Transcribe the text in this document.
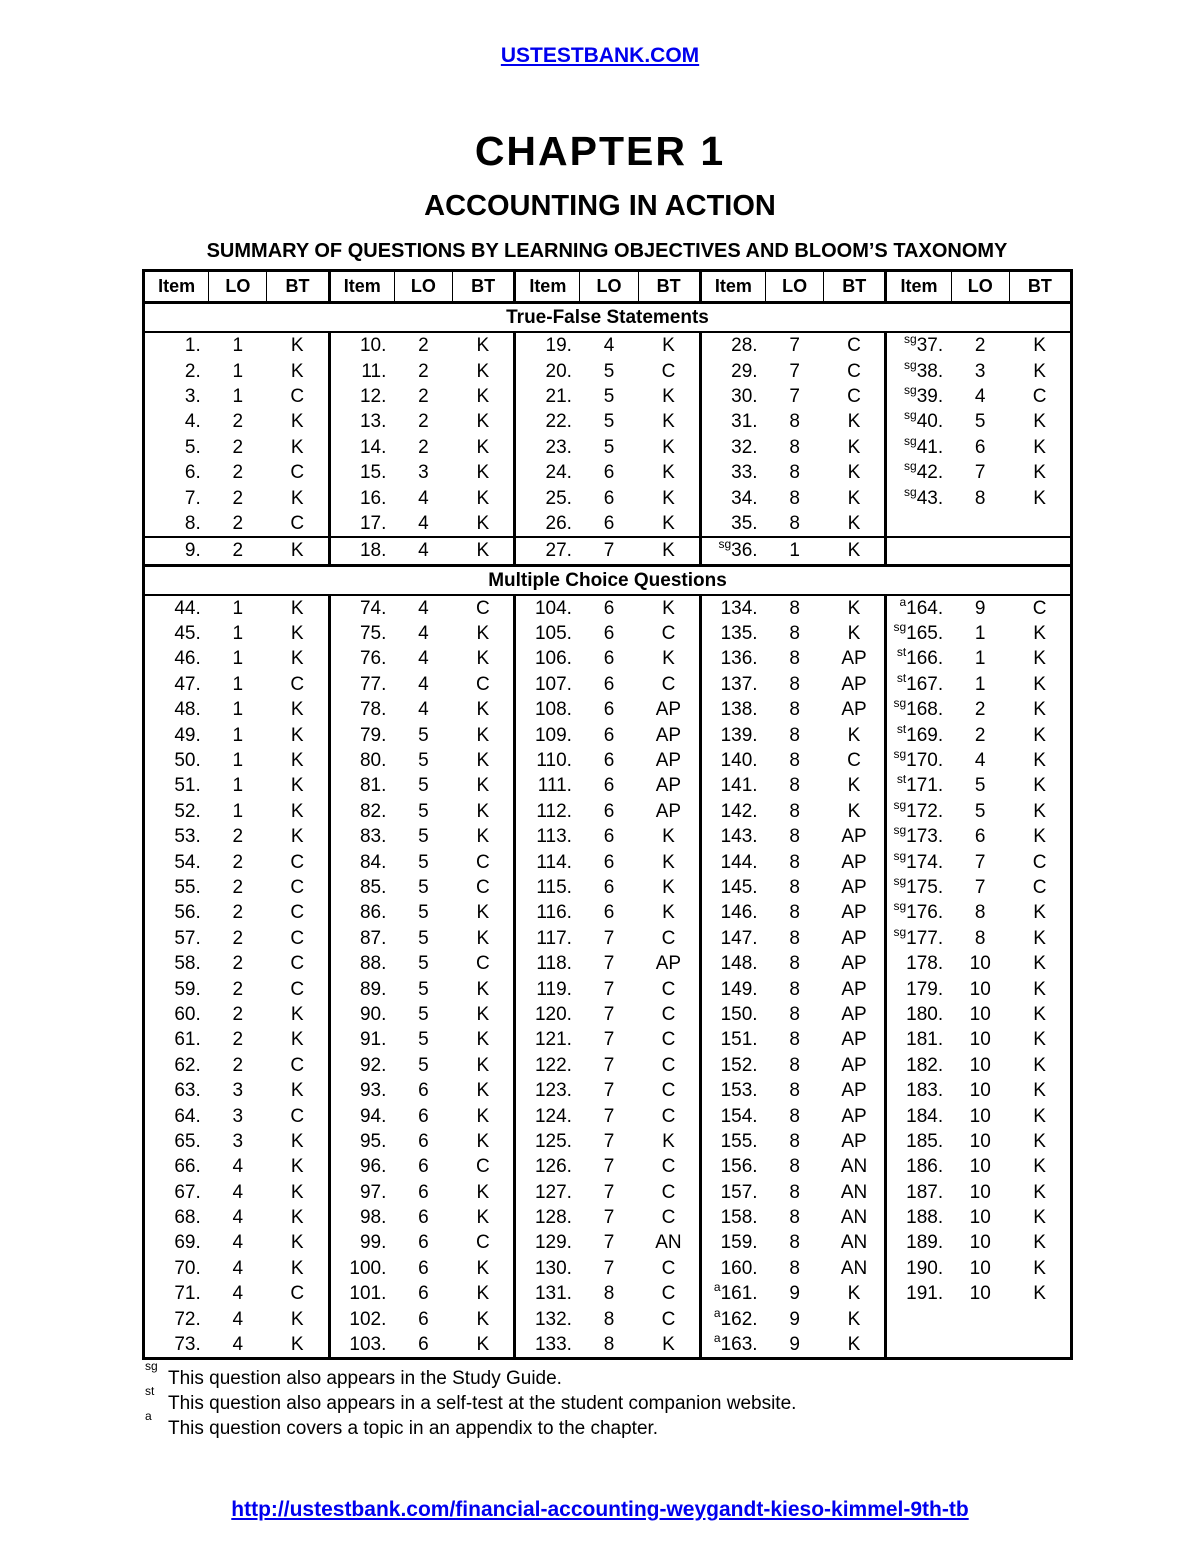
USTESTBANK.COM
CHAPTER 1
ACCOUNTING IN ACTION
SUMMARY OF QUESTIONS BY LEARNING OBJECTIVES AND BLOOM’S TAXONOMY
Item	LO	BT	Item	LO	BT	Item	LO	BT	Item	LO	BT	Item	LO	BT
True-False Statements														
1.	1	K	10.	2	K	19.	4	K	28.	7	C	$^{sg}$37.	2	K
2.	1	K	11.	2	K	20.	5	C	29.	7	C	$^{sg}$38.	3	K
3.	1	C	12.	2	K	21.	5	K	30.	7	C	$^{sg}$39.	4	C
4.	2	K	13.	2	K	22.	5	K	31.	8	K	$^{sg}$40.	5	K
5.	2	K	14.	2	K	23.	5	K	32.	8	K	$^{sg}$41.	6	K
6.	2	C	15.	3	K	24.	6	K	33.	8	K	$^{sg}$42.	7	K
7.	2	K	16.	4	K	25.	6	K	34.	8	K	$^{sg}$43.	8	K
8.	2	C	17.	4	K	26.	6	K	35.	8	K			
9.	2	K	18.	4	K	27.	7	K	$^{sg}$36.	1	K			
Multiple Choice Questions														
44.	1	K	74.	4	C	104.	6	K	134.	8	K	$^a$164.	9	C
45.	1	K	75.	4	K	105.	6	C	135.	8	K	$^{sg}$165.	1	K
46.	1	K	76.	4	K	106.	6	K	136.	8	AP	$^{st}$166.	1	K
47.	1	C	77.	4	C	107.	6	C	137.	8	AP	$^{st}$167.	1	K
48.	1	K	78.	4	K	108.	6	AP	138.	8	AP	$^{sg}$168.	2	K
49.	1	K	79.	5	K	109.	6	AP	139.	8	K	$^{st}$169.	2	K
50.	1	K	80.	5	K	110.	6	AP	140.	8	C	$^{sg}$170.	4	K
51.	1	K	81.	5	K	111.	6	AP	141.	8	K	$^{st}$171.	5	K
52.	1	K	82.	5	K	112.	6	AP	142.	8	K	$^{sg}$172.	5	K
53.	2	K	83.	5	K	113.	6	K	143.	8	AP	$^{sg}$173.	6	K
54.	2	C	84.	5	C	114.	6	K	144.	8	AP	$^{sg}$174.	7	C
55.	2	C	85.	5	C	115.	6	K	145.	8	AP	$^{sg}$175.	7	C
56.	2	C	86.	5	K	116.	6	K	146.	8	AP	$^{sg}$176.	8	K
57.	2	C	87.	5	K	117.	7	C	147.	8	AP	$^{sg}$177.	8	K
58.	2	C	88.	5	C	118.	7	AP	148.	8	AP	178.	10	K
59.	2	C	89.	5	K	119.	7	C	149.	8	AP	179.	10	K
60.	2	K	90.	5	K	120.	7	C	150.	8	AP	180.	10	K
61.	2	K	91.	5	K	121.	7	C	151.	8	AP	181.	10	K
62.	2	C	92.	5	K	122.	7	C	152.	8	AP	182.	10	K
63.	3	K	93.	6	K	123.	7	C	153.	8	AP	183.	10	K
64.	3	C	94.	6	K	124.	7	C	154.	8	AP	184.	10	K
65.	3	K	95.	6	K	125.	7	K	155.	8	AP	185.	10	K
66.	4	K	96.	6	C	126.	7	C	156.	8	AN	186.	10	K
67.	4	K	97.	6	K	127.	7	C	157.	8	AN	187.	10	K
68.	4	K	98.	6	K	128.	7	C	158.	8	AN	188.	10	K
69.	4	K	99.	6	C	129.	7	AN	159.	8	AN	189.	10	K
70.	4	K	100.	6	K	130.	7	C	160.	8	AN	190.	10	K
71.	4	C	101.	6	K	131.	8	C	$^a$161.	9	K	191.	10	K
72.	4	K	102.	6	K	132.	8	C	$^a$162.	9	K			
73.	4	K	103.	6	K	133.	8	K	$^a$163.	9	K			
sg
This question also appears in the Study Guide.
st
This question also appears in a self-test at the student companion website.
a
This question covers a topic in an appendix to the chapter.
http://ustestbank.com/financial-accounting-weygandt-kieso-kimmel-9th-tb
